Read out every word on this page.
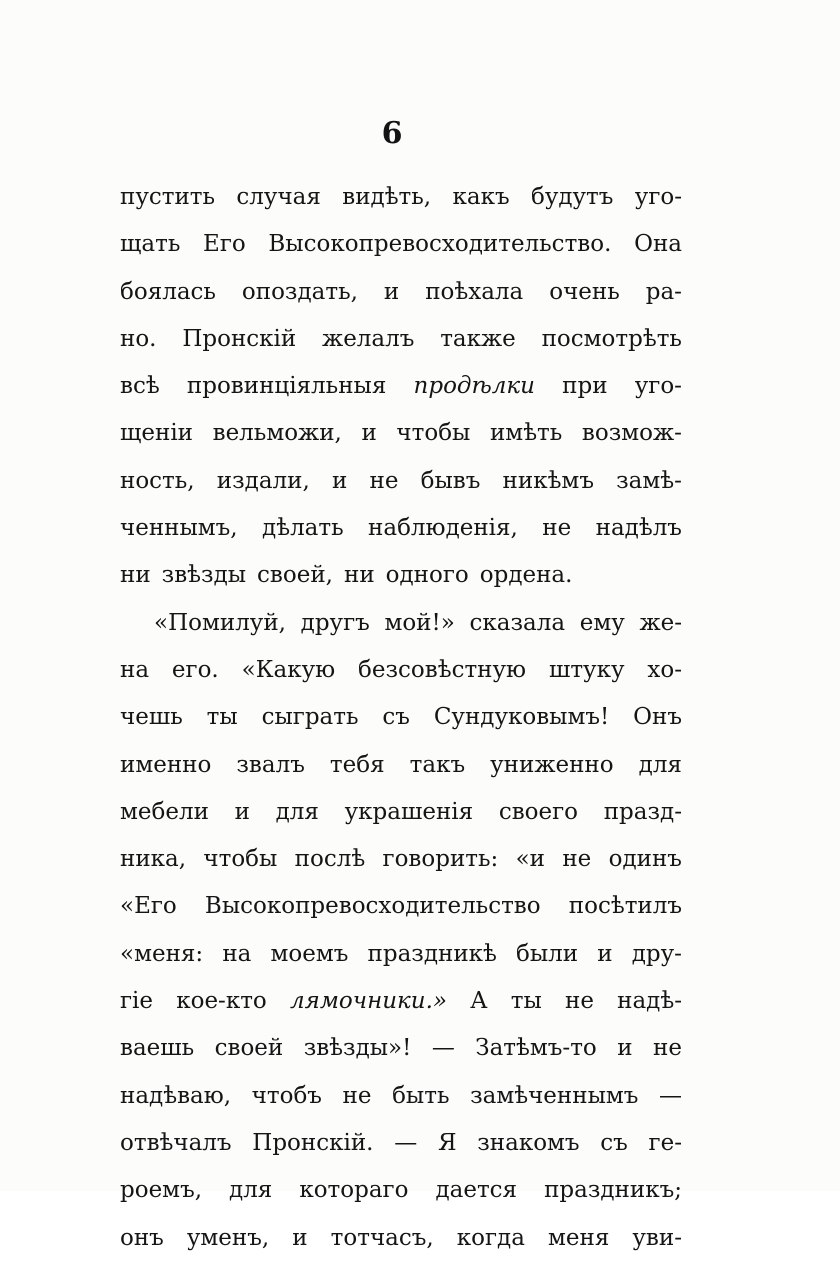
6
пустить случая видѣть, какъ будутъ уго-
щать Его Высокопревосходительство. Она
боялась опоздать, и поѣхала очень ра-
но. Пронскій желалъ также посмотрѣть
всѣ провинціяльныя продѣлки при уго-
щеніи вельможи, и чтобы имѣть возмож-
ность, издали, и не бывъ никѣмъ замѣ-
ченнымъ, дѣлать наблюденія, не надѣлъ
ни звѣзды своей, ни одного ордена.
«Помилуй, другъ мой!» сказала ему же-
на его. «Какую безсовѣстную штуку хо-
чешь ты сыграть съ Сундуковымъ! Онъ
именно звалъ тебя такъ униженно для
мебели и для украшенія своего празд-
ника, чтобы послѣ говорить: «и не одинъ
«Его Высокопревосходительство посѣтилъ
«меня: на моемъ праздникѣ были и дру-
гіе кое-кто лямочники.» А ты не надѣ-
ваешь своей звѣзды»! — Затѣмъ-то и не
надѣваю, чтобъ не быть замѣченнымъ —
отвѣчалъ Пронскій. — Я знакомъ съ ге-
роемъ, для котораго дается праздникъ;
онъ уменъ, и тотчасъ, когда меня уви-
